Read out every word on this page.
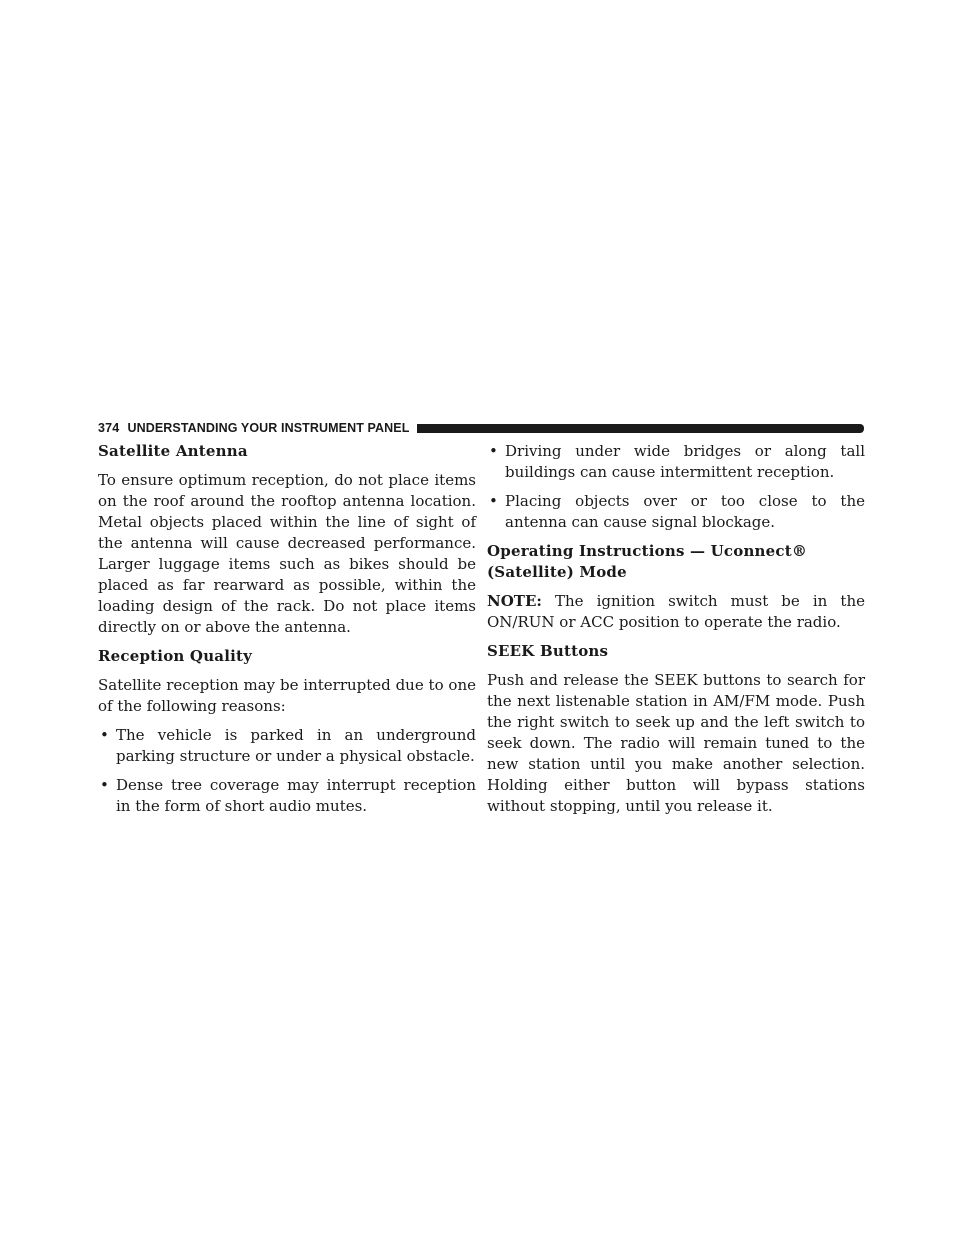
374 UNDERSTANDING YOUR INSTRUMENT PANEL
Satellite Antenna
To ensure optimum reception, do not place items on the roof around the rooftop antenna location. Metal objects placed within the line of sight of the antenna will cause decreased performance. Larger luggage items such as bikes should be placed as far rearward as possible, within the loading design of the rack. Do not place items directly on or above the antenna.
Reception Quality
Satellite reception may be interrupted due to one of the following reasons:
• The vehicle is parked in an underground parking structure or under a physical obstacle.
• Dense tree coverage may interrupt reception in the form of short audio mutes.
• Driving under wide bridges or along tall buildings can cause intermittent reception.
• Placing objects over or too close to the antenna can cause signal blockage.
Operating Instructions — Uconnect® (Satellite) Mode
NOTE: The ignition switch must be in the ON/RUN or ACC position to operate the radio.
SEEK Buttons
Push and release the SEEK buttons to search for the next listenable station in AM/FM mode. Push the right switch to seek up and the left switch to seek down. The radio will remain tuned to the new station until you make another selection. Holding either button will bypass stations without stopping, until you release it.
